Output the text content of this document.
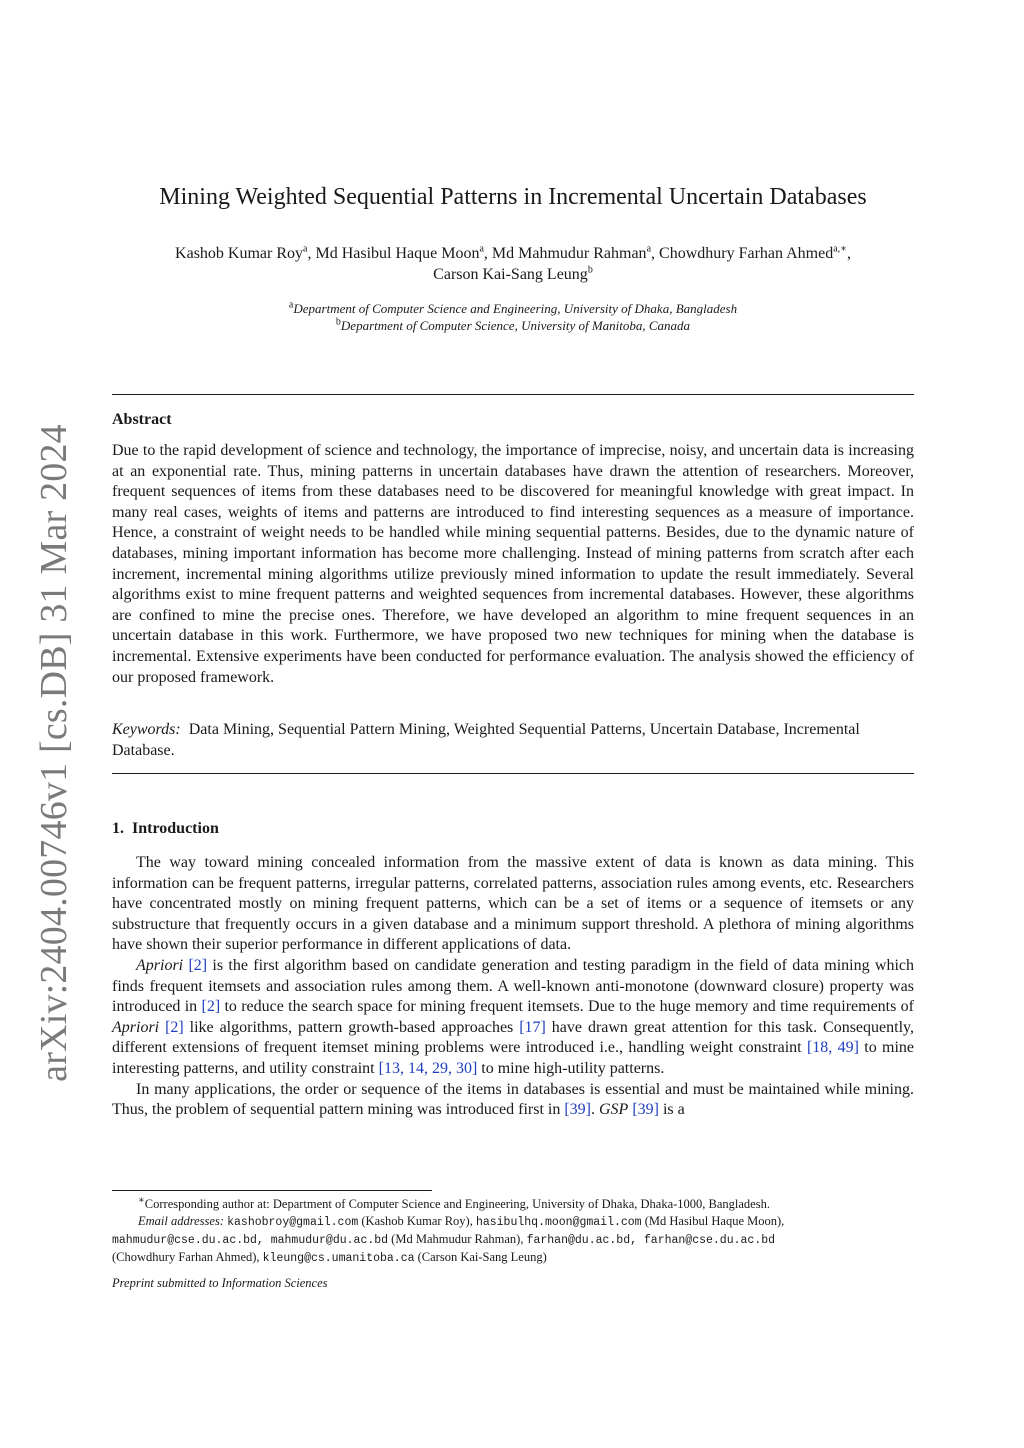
arXiv:2404.00746v1 [cs.DB] 31 Mar 2024
Mining Weighted Sequential Patterns in Incremental Uncertain Databases
Kashob Kumar Roy$^a$, Md Hasibul Haque Moon$^a$, Md Mahmudur Rahman$^a$, Chowdhury Farhan Ahmed$^{a,∗}$,
Carson Kai-Sang Leung$^b$
$^a$Department of Computer Science and Engineering, University of Dhaka, Bangladesh
$^b$Department of Computer Science, University of Manitoba, Canada
Abstract
Due to the rapid development of science and technology, the importance of imprecise, noisy, and uncertain data is increasing at an exponential rate. Thus, mining patterns in uncertain databases have drawn the attention of researchers. Moreover, frequent sequences of items from these databases need to be discovered for meaningful knowledge with great impact. In many real cases, weights of items and patterns are introduced to find interesting sequences as a measure of importance. Hence, a constraint of weight needs to be handled while mining sequential patterns. Besides, due to the dynamic nature of databases, mining important information has become more challenging. Instead of mining patterns from scratch after each increment, incremental mining algorithms utilize previously mined information to update the result immediately. Several algorithms exist to mine frequent patterns and weighted sequences from incremental databases. However, these algorithms are confined to mine the precise ones. Therefore, we have developed an algorithm to mine frequent sequences in an uncertain database in this work. Furthermore, we have proposed two new techniques for mining when the database is incremental. Extensive experiments have been conducted for performance evaluation. The analysis showed the efficiency of our proposed framework.
Keywords: Data Mining, Sequential Pattern Mining, Weighted Sequential Patterns, Uncertain Database, Incremental Database.
1. Introduction

The way toward mining concealed information from the massive extent of data is known as data mining. This information can be frequent patterns, irregular patterns, correlated patterns, association rules among events, etc. Researchers have concentrated mostly on mining frequent patterns, which can be a set of items or a sequence of itemsets or any substructure that frequently occurs in a given database and a minimum support threshold. A plethora of mining algorithms have shown their superior performance in different applications of data.

Apriori [2] is the first algorithm based on candidate generation and testing paradigm in the field of data mining which finds frequent itemsets and association rules among them. A well-known anti-monotone (downward closure) property was introduced in [2] to reduce the search space for mining frequent itemsets. Due to the huge memory and time requirements of Apriori [2] like algorithms, pattern growth-based approaches [17] have drawn great attention for this task. Consequently, different extensions of frequent itemset mining problems were introduced i.e., handling weight constraint [18, 49] to mine interesting patterns, and utility constraint [13, 14, 29, 30] to mine high-utility patterns.

In many applications, the order or sequence of the items in databases is essential and must be maintained while mining. Thus, the problem of sequential pattern mining was introduced first in [39]. GSP [39] is a

∗Corresponding author at: Department of Computer Science and Engineering, University of Dhaka, Dhaka-1000, Bangladesh.
Email addresses: kashobroy@gmail.com (Kashob Kumar Roy), hasibulhq.moon@gmail.com (Md Hasibul Haque Moon),
mahmudur@cse.du.ac.bd, mahmudur@du.ac.bd (Md Mahmudur Rahman), farhan@du.ac.bd, farhan@cse.du.ac.bd
(Chowdhury Farhan Ahmed), kleung@cs.umanitoba.ca (Carson Kai-Sang Leung)
Preprint submitted to Information Sciences
